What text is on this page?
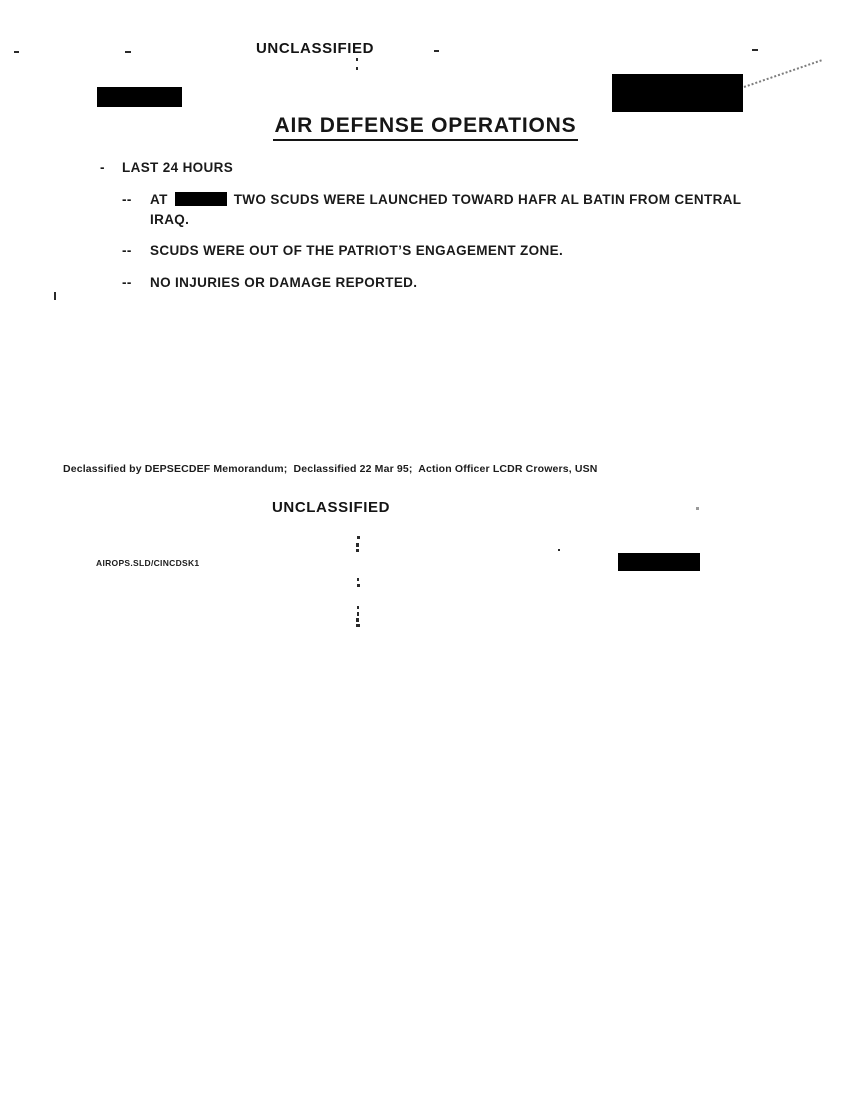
UNCLASSIFIED
AIR DEFENSE OPERATIONS
- LAST 24 HOURS
-- AT	TWO SCUDS WERE LAUNCHED TOWARD HAFR AL BATIN FROM CENTRAL
IRAQ.
-- SCUDS WERE OUT OF THE PATRIOT’S ENGAGEMENT ZONE.
-- NO INJURIES OR DAMAGE REPORTED.
Declassified by DEPSECDEF Memorandum;  Declassified 22 Mar 95;  Action Officer LCDR Crowers, USN
UNCLASSIFIED
AIROPS.SLD/CINCDSK1
